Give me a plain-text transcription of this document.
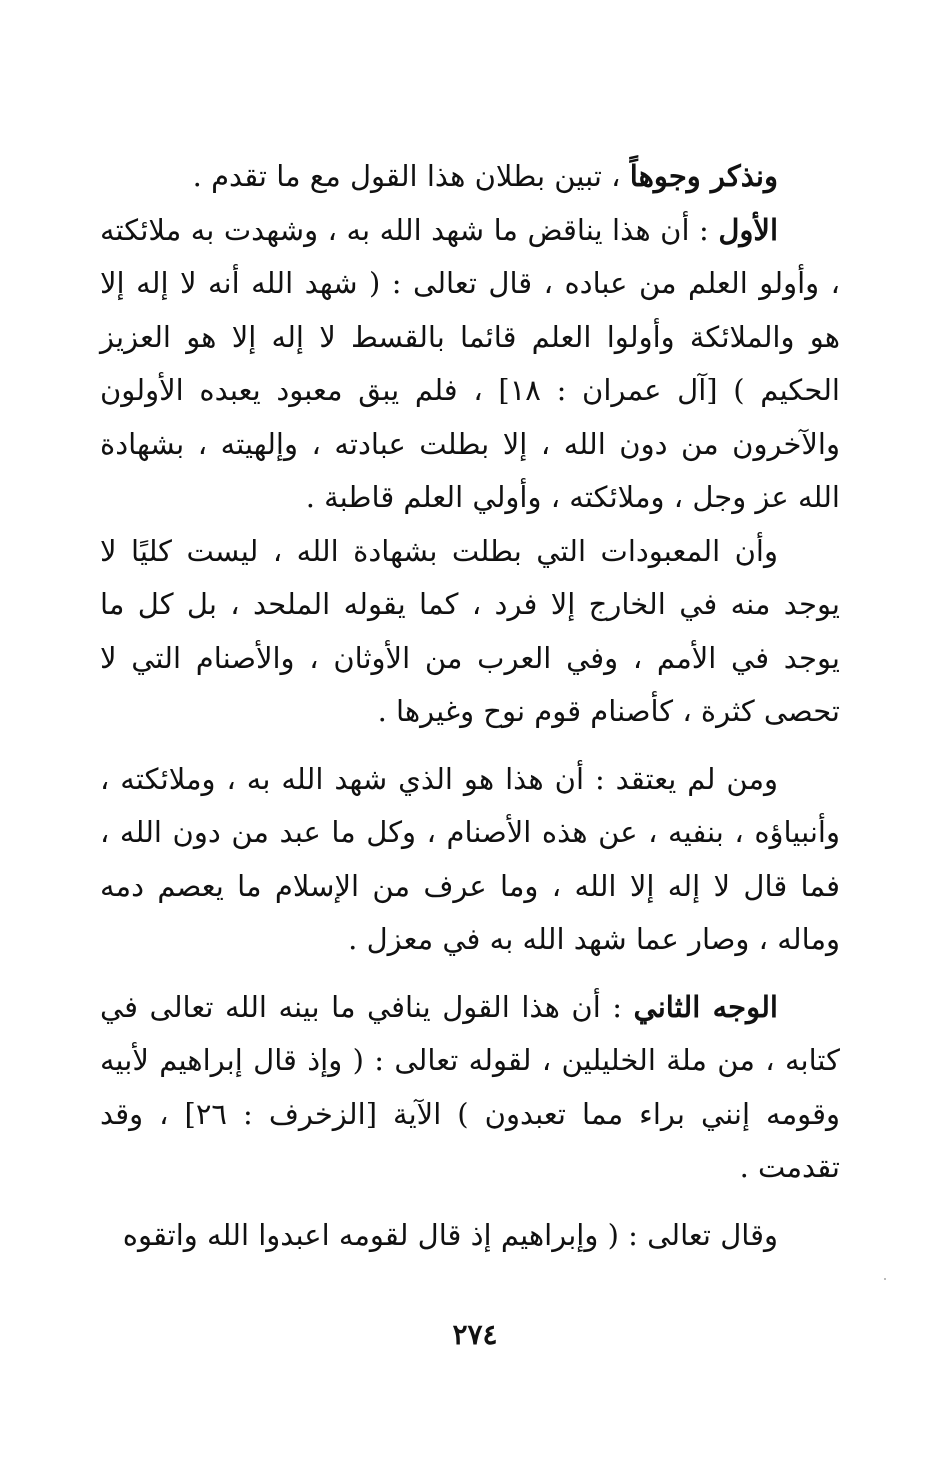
ونذكر وجوهاً ، تبين بطلان هذا القول مع ما تقدم .

الأول : أن هذا يناقض ما شهد الله به ، وشهدت به ملائكته ، وأولو العلم من عباده ، قال تعالى : ( شهد الله أنه لا إله إلا هو والملائكة وأولوا العلم قائما بالقسط لا إله إلا هو العزيز الحكيم ) [آل عمران : ١٨] ، فلم يبق معبود يعبده الأولون والآخرون من دون الله ، إلا بطلت عبادته ، وإلهيته ، بشهادة الله عز وجل ، وملائكته ، وأولي العلم قاطبة .

وأن المعبودات التي بطلت بشهادة الله ، ليست كليًا لا يوجد منه في الخارج إلا فرد ، كما يقوله الملحد ، بل كل ما يوجد في الأمم ، وفي العرب من الأوثان ، والأصنام التي لا تحصى كثرة ، كأصنام قوم نوح وغيرها .

ومن لم يعتقد : أن هذا هو الذي شهد الله به ، وملائكته ، وأنبياؤه ، بنفيه ، عن هذه الأصنام ، وكل ما عبد من دون الله ، فما قال لا إله إلا الله ، وما عرف من الإسلام ما يعصم دمه وماله ، وصار عما شهد الله به في معزل .

الوجه الثاني : أن هذا القول ينافي ما بينه الله تعالى في كتابه ، من ملة الخليلين ، لقوله تعالى : ( وإذ قال إبراهيم لأبيه وقومه إنني براء مما تعبدون ) الآية [الزخرف : ٢٦] ، وقد تقدمت .

وقال تعالى : ( وإبراهيم إذ قال لقومه اعبدوا الله واتقوه

٢٧٤
